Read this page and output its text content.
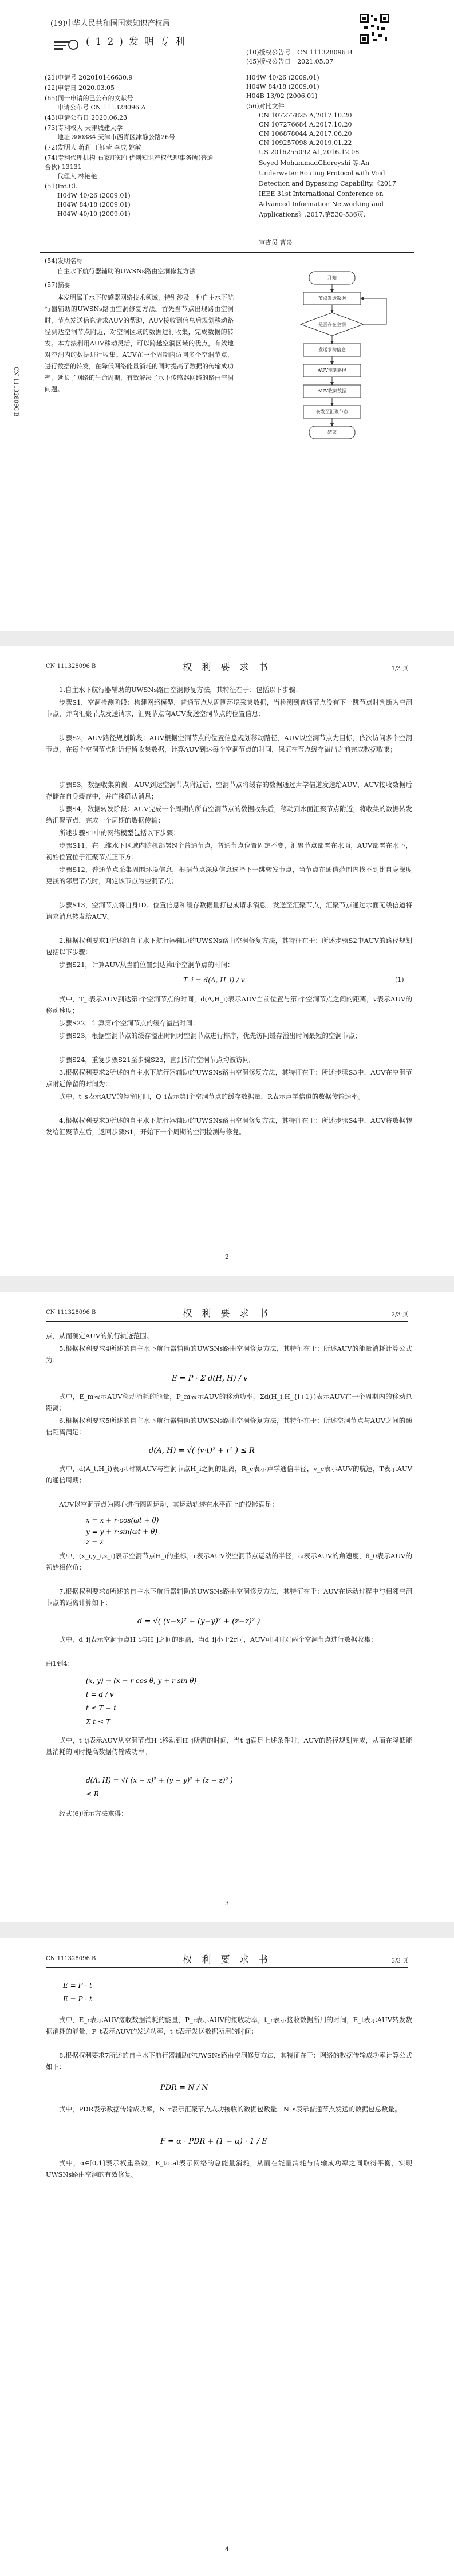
(19)中华人民共和国国家知识产权局
(12)发明专利
(10)授权公告号 CN 111328096 B
(45)授权公告日 2021.05.07
(21)申请号 202010146630.9
(22)申请日 2020.03.05
(65)同一申请的已公布的文献号
申请公布号 CN 111328096 A
(43)申请公布日 2020.06.23
(73)专利权人 天津城建大学
地址 300384 天津市西青区津静公路26号
(72)发明人 蒋莉 丁钰莹 李成 姚敏
(74)专利代理机构 石家庄知住优创知识产权代理事务所(普通合伙) 13131
代理人 林艳艳
(51)Int.Cl.
H04W 40/26 (2009.01)
H04W 84/18 (2009.01)
H04W 40/10 (2009.01)
H04W 40/26 (2009.01)
H04W 84/18 (2009.01)
H04B 13/02 (2006.01)
(56)对比文件
CN 107277825 A,2017.10.20
CN 107276684 A,2017.10.20
CN 106878044 A,2017.06.20
CN 109257098 A,2019.01.22
US 2016255092 A1,2016.12.08
Seyed MohammadGhoreyshi 等.An Underwater Routing Protocol with Void Detection and Bypassing Capability.《2017 IEEE 31st International Conference on Advanced Information Networking and Applications》.2017,第530-536页.
审查员 曹泉
(54)发明名称
自主水下航行器辅助的UWSNs路由空洞修复方法
(57)摘要
本发明属于水下传感器网络技术领域，特别涉及一种自主水下航行器辅助的UWSNs路由空洞修复方法。首先当节点出现路由空洞时，节点发送信息请求AUV的帮助，AUV接收到信息后规划移动路径到达空洞节点附近，对空洞区域的数据进行收集，完成数据的转发。本方法利用AUV移动灵活，可以跨越空洞区域的优点，有效地对空洞内的数据进行收集。AUV在一个周期内访问多个空洞节点，进行数据的转发，在降低网络能量消耗的同时提高了数据的传输成功率，延长了网络的生命周期，有效解决了水下传感器网络的路由空洞问题。
开始
节点发送数据
是否存在空洞
发送求助信息
AUV规划路径
AUV收集数据
转发至汇聚节点
结束
CN 111328096 B
CN 111328096 B	权 利 要 求 书	1/3 页
1.自主水下航行器辅助的UWSNs路由空洞修复方法，其特征在于：包括以下步骤：
步骤S1，空洞检测阶段：构建网络模型，普通节点从周围环境采集数据，当检测到普通节点没有下一跳节点时判断为空洞节点，并向汇聚节点发送请求，汇聚节点向AUV发送空洞节点的位置信息；
步骤S2，AUV路径规划阶段：AUV根据空洞节点的位置信息规划移动路径，AUV以空洞节点为目标，依次访问多个空洞节点，在每个空洞节点附近停留收集数据，计算AUV到达每个空洞节点的时间，保证在节点缓存溢出之前完成数据收集；
步骤S3，数据收集阶段：AUV到达空洞节点附近后，空洞节点将缓存的数据通过声学信道发送给AUV，AUV接收数据后存储在自身缓存中，并广播确认消息；
步骤S4，数据转发阶段：AUV完成一个周期内所有空洞节点的数据收集后，移动到水面汇聚节点附近，将收集的数据转发给汇聚节点，完成一个周期的数据传输；
所述步骤S1中的网络模型包括以下步骤：
步骤S11，在三维水下区域内随机部署N个普通节点，普通节点位置固定不变，汇聚节点部署在水面，AUV部署在水下，初始位置位于汇聚节点正下方；
步骤S12，普通节点采集周围环境信息，根据节点深度信息选择下一跳转发节点，当节点在通信范围内找不到比自身深度更浅的邻居节点时，判定该节点为空洞节点；
步骤S13，空洞节点将自身ID、位置信息和缓存数据量打包成请求消息，发送至汇聚节点，汇聚节点通过水面无线信道将请求消息转发给AUV。
2.根据权利要求1所述的自主水下航行器辅助的UWSNs路由空洞修复方法，其特征在于：所述步骤S2中AUV的路径规划包括以下步骤：
步骤S21，计算AUV从当前位置到达第i个空洞节点的时间：
T_i = d(A, H_i) / v	(1)
式中，T_i表示AUV到达第i个空洞节点的时间，d(A,H_i)表示AUV当前位置与第i个空洞节点之间的距离，v表示AUV的移动速度；
步骤S22，计算第i个空洞节点的缓存溢出时间：
步骤S23，根据空洞节点的缓存溢出时间对空洞节点进行排序，优先访问缓存溢出时间最短的空洞节点；
步骤S24，重复步骤S21至步骤S23，直到所有空洞节点均被访问。
3.根据权利要求2所述的自主水下航行器辅助的UWSNs路由空洞修复方法，其特征在于：所述步骤S3中，AUV在空洞节点附近停留的时间为：
式中，t_s表示AUV的停留时间，Q_i表示第i个空洞节点的缓存数据量，R表示声学信道的数据传输速率。
4.根据权利要求3所述的自主水下航行器辅助的UWSNs路由空洞修复方法，其特征在于：所述步骤S4中，AUV将数据转发给汇聚节点后，返回步骤S1，开始下一个周期的空洞检测与修复。
2
CN 111328096 B	权 利 要 求 书	2/3 页
点，从而确定AUV的航行轨迹范围。
5.根据权利要求4所述的自主水下航行器辅助的UWSNs路由空洞修复方法，其特征在于：所述AUV的能量消耗计算公式为：
E = P · Σ d(H, H) / v
式中，E_m表示AUV移动消耗的能量，P_m表示AUV的移动功率，Σd(H_i,H_{i+1})表示AUV在一个周期内的移动总距离；
6.根据权利要求5所述的自主水下航行器辅助的UWSNs路由空洞修复方法，其特征在于：所述空洞节点与AUV之间的通信距离满足：
d(A, H) = √( (v·t)² + r² ) ≤ R
式中，d(A_t,H_i)表示t时刻AUV与空洞节点H_i之间的距离，R_c表示声学通信半径，v_c表示AUV的航速，T表示AUV的通信周期；
AUV以空洞节点为圆心进行圆周运动，其运动轨迹在水平面上的投影满足：
x = x + r·cos(ωt + θ)
y = y + r·sin(ωt + θ)
z = z
式中，(x_i,y_i,z_i)表示空洞节点H_i的坐标，r表示AUV绕空洞节点运动的半径，ω表示AUV的角速度，θ_0表示AUV的初始相位角；
7.根据权利要求6所述的自主水下航行器辅助的UWSNs路由空洞修复方法，其特征在于：AUV在运动过程中与相邻空洞节点的距离计算如下：
d = √( (x−x)² + (y−y)² + (z−z)² )
式中，d_ij表示空洞节点H_i与H_j之间的距离，当d_ij小于2r时，AUV可同时对两个空洞节点进行数据收集；
由1到4：
(x, y) → (x + r cos θ, y + r sin θ)
t = d / v
t ≤ T − t
Σ t ≤ T
式中，t_ij表示AUV从空洞节点H_i移动到H_j所需的时间，当t_ij满足上述条件时，AUV的路径规划完成，从而在降低能量消耗的同时提高数据传输成功率。
d(A, H) = √( (x − x)² + (y − y)² + (z − z)² )
≤ R
经式(6)所示方法求得：
3
CN 111328096 B	权 利 要 求 书	3/3 页
E = P · t
E = P · t
式中，E_r表示AUV接收数据消耗的能量，P_r表示AUV的接收功率，t_r表示接收数据所用的时间，E_t表示AUV转发数据消耗的能量，P_t表示AUV的发送功率，t_t表示发送数据所用的时间；
8.根据权利要求7所述的自主水下航行器辅助的UWSNs路由空洞修复方法，其特征在于：网络的数据传输成功率计算公式如下：
PDR = N / N
式中，PDR表示数据传输成功率，N_r表示汇聚节点成功接收的数据包数量，N_s表示普通节点发送的数据包总数量。
F = α · PDR + (1 − α) · 1 / E
式中，α∈[0,1]表示权重系数，E_total表示网络的总能量消耗，从而在能量消耗与传输成功率之间取得平衡，实现UWSNs路由空洞的有效修复。
4
